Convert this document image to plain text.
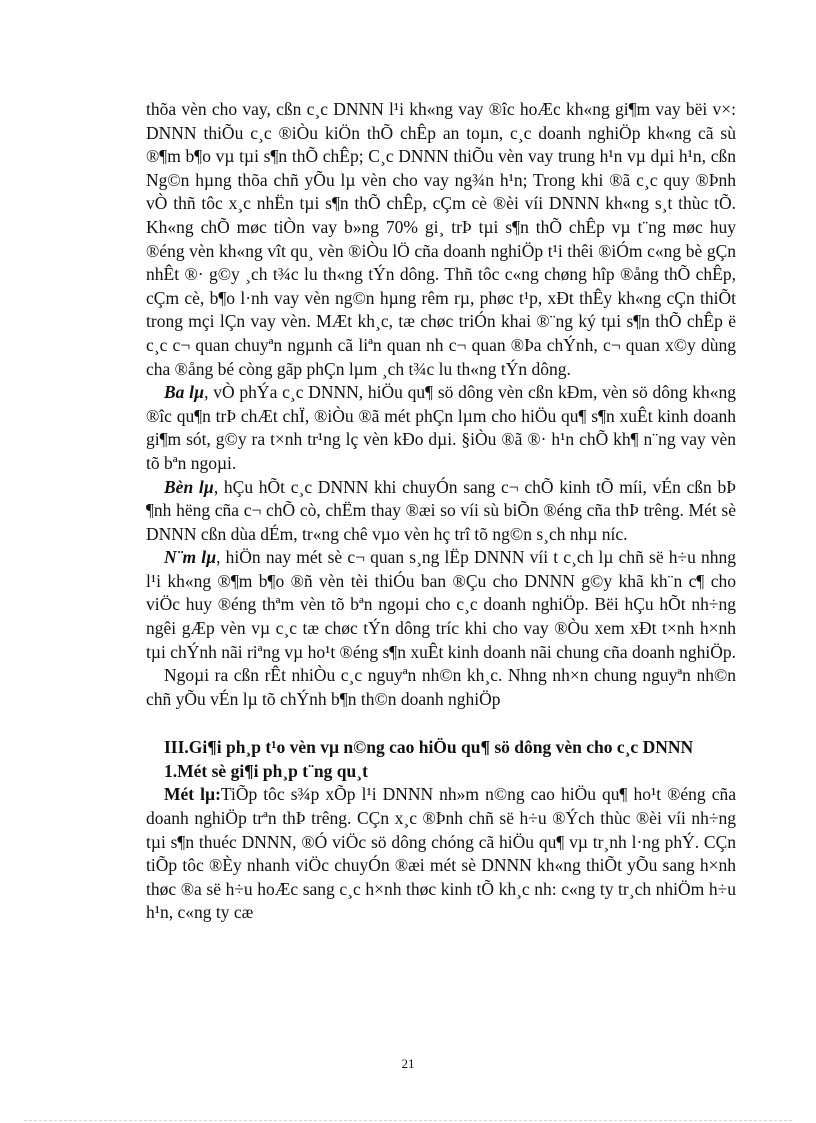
thõa vèn cho vay, cßn c¸c DNNN l¹i kh«ng vay ®îc hoÆc kh«ng gi¶m vay bëi v×: DNNN thiÕu c¸c ®iÒu kiÖn thÕ chÊp an toµn, c¸c doanh nghiÖp kh«ng cã sù ®¶m b¶o vµ tµi s¶n thÕ chÊp; C¸c DNNN thiÕu vèn vay trung h¹n vµ dµi h¹n, cßn Ng©n hµng thõa chñ yÕu lµ vèn cho vay ng¾n h¹n; Trong khi ®ã c¸c quy ®Þnh vÒ thñ tôc x¸c nhËn tµi s¶n thÕ chÊp, cÇm cè ®èi víi DNNN kh«ng s¸t thùc tÕ. Kh«ng chÕ møc tiÒn vay b»ng 70% gi¸ trÞ tµi s¶n thÕ chÊp vµ t¨ng møc huy ®éng vèn kh«ng vît qu¸ vèn ®iÒu lÖ cña doanh nghiÖp t¹i thêi ®iÓm c«ng bè gÇn nhÊt ®· g©y ¸ch t¾c lu th«ng tÝn dông. Thñ tôc c«ng chøng hîp ®ång thÕ chÊp, cÇm cè, b¶o l·nh vay vèn ng©n hµng rêm rµ, phøc t¹p, xÐt thÊy kh«ng cÇn thiÕt trong mçi lÇn vay vèn. MÆt kh¸c, tæ chøc triÓn khai ®¨ng ký tµi s¶n thÕ chÊp ë c¸c c¬ quan chuyªn ngµnh cã liªn quan nh c¬ quan ®Þa chÝnh, c¬ quan x©y dùng cha ®ång bé còng gãp phÇn lµm ¸ch t¾c lu th«ng tÝn dông.

Ba lµ, vÒ phÝa c¸c DNNN, hiÖu qu¶ sö dông vèn cßn kÐm, vèn sö dông kh«ng ®îc qu¶n trÞ chÆt chÏ, ®iÒu ®ã mét phÇn lµm cho hiÖu qu¶ s¶n xuÊt kinh doanh gi¶m sót, g©y ra t×nh tr¹ng lç vèn kÐo dµi. §iÒu ®ã ®· h¹n chÕ kh¶ n¨ng vay vèn tõ bªn ngoµi.

Bèn lµ, hÇu hÕt c¸c DNNN khi chuyÓn sang c¬ chÕ kinh tÕ míi, vÉn cßn bÞ ¶nh hëng cña c¬ chÕ cò, chËm thay ®æi so víi sù biÕn ®éng cña thÞ trêng. Mét sè DNNN cßn dùa dÉm, tr«ng chê vµo vèn hç trî tõ ng©n s¸ch nhµ níc.

N¨m lµ, hiÖn nay mét sè c¬ quan s¸ng lËp DNNN víi t c¸ch lµ chñ së h÷u nhng l¹i kh«ng ®¶m b¶o ®ñ vèn tèi thiÓu ban ®Çu cho DNNN g©y khã kh¨n c¶ cho viÖc huy ®éng thªm vèn tõ bªn ngoµi cho c¸c doanh nghiÖp. Bëi hÇu hÕt nh÷ng ngêi gÆp vèn vµ c¸c tæ chøc tÝn dông tríc khi cho vay ®Òu xem xÐt t×nh h×nh tµi chÝnh nãi riªng vµ ho¹t ®éng s¶n xuÊt kinh doanh nãi chung cña doanh nghiÖp.

Ngoµi ra cßn rÊt nhiÒu c¸c nguyªn nh©n kh¸c. Nhng nh×n chung nguyªn nh©n chñ yÕu vÉn lµ tõ chÝnh b¶n th©n doanh nghiÖp

III.Gi¶i ph¸p t¹o vèn vµ n©ng cao hiÖu qu¶ sö dông vèn cho c¸c DNNN

1.Mét sè gi¶i ph¸p t¨ng qu¸t

Mét lµ:TiÕp tôc s¾p xÕp l¹i DNNN nh»m n©ng cao hiÖu qu¶ ho¹t ®éng cña doanh nghiÖp trªn thÞ trêng. CÇn x¸c ®Þnh chñ së h÷u ®Ých thùc ®èi víi nh÷ng tµi s¶n thuéc DNNN, ®Ó viÖc sö dông chóng cã hiÖu qu¶ vµ tr¸nh l·ng phÝ. CÇn tiÕp tôc ®Èy nhanh viÖc chuyÓn ®æi mét sè DNNN kh«ng thiÕt yÕu sang h×nh thøc ®a së h÷u hoÆc sang c¸c h×nh thøc kinh tÕ kh¸c nh: c«ng ty tr¸ch nhiÖm h÷u h¹n, c«ng ty cæ

21
